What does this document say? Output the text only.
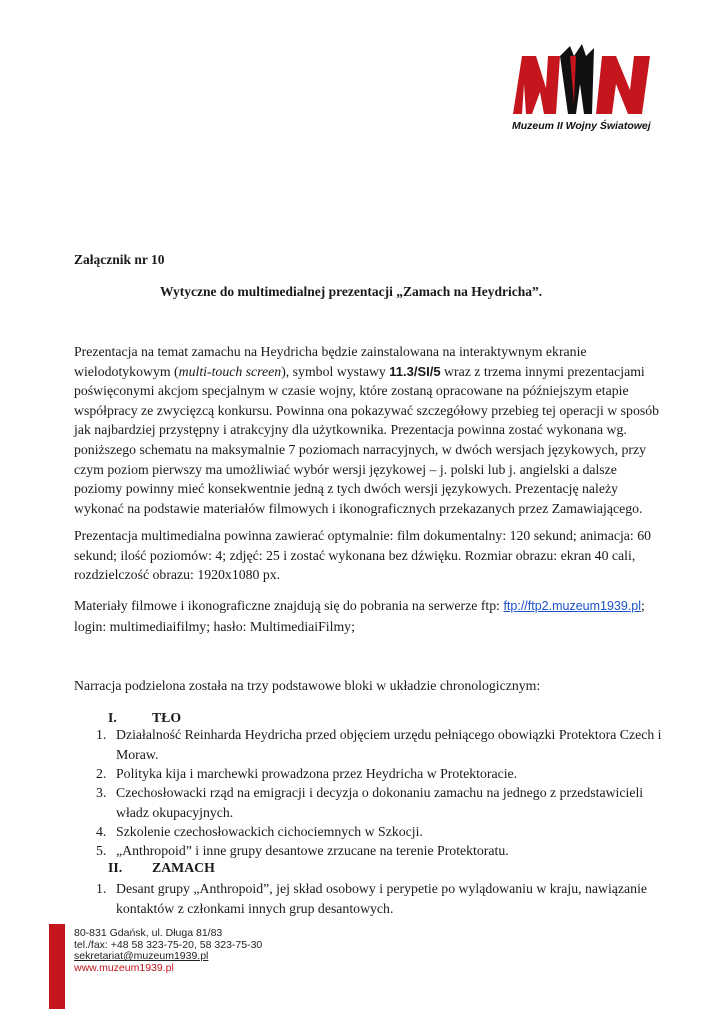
Muzeum II Wojny Światowej
Załącznik nr 10
Wytyczne do multimedialnej prezentacji „Zamach na Heydricha”.

Prezentacja na temat zamachu na Heydricha będzie zainstalowana na interaktywnym ekranie wielodotykowym (multi-touch screen), symbol wystawy 11.3/SI/5 wraz z trzema innymi prezentacjami poświęconymi akcjom specjalnym w czasie wojny, które zostaną opracowane na późniejszym etapie współpracy ze zwycięzcą konkursu. Powinna ona pokazywać szczegółowy przebieg tej operacji w sposób jak najbardziej przystępny i atrakcyjny dla użytkownika. Prezentacja powinna zostać wykonana wg. poniższego schematu na maksymalnie 7 poziomach narracyjnych, w dwóch wersjach językowych, przy czym poziom pierwszy ma umożliwiać wybór wersji językowej – j. polski lub j. angielski a dalsze poziomy powinny mieć konsekwentnie jedną z tych dwóch wersji językowych. Prezentację należy wykonać na podstawie materiałów filmowych i ikonograficznych przekazanych przez Zamawiającego.

Prezentacja multimedialna powinna zawierać optymalnie: film dokumentalny: 120 sekund; animacja: 60 sekund; ilość poziomów: 4; zdjęć: 25 i zostać wykonana bez dźwięku. Rozmiar obrazu: ekran 40 cali, rozdzielczość obrazu: 1920x1080 px.

Materiały filmowe i ikonograficzne znajdują się do pobrania na serwerze ftp: ftp://ftp2.muzeum1939.pl;
login: multimediaifilmy; hasło: MultimediaiFilmy;

Narracja podzielona została na trzy podstawowe bloki w układzie chronologicznym:

I.	TŁO
1. Działalność Reinharda Heydricha przed objęciem urzędu pełniącego obowiązki Protektora Czech i Moraw.
2. Polityka kija i marchewki prowadzona przez Heydricha w Protektoracie.
3. Czechosłowacki rząd na emigracji i decyzja o dokonaniu zamachu na jednego z przedstawicieli władz okupacyjnych.
4. Szkolenie czechosłowackich cichociemnych w Szkocji.
5. „Anthropoid” i inne grupy desantowe zrzucane na terenie Protektoratu.
II. ZAMACH
1. Desant grupy „Anthropoid”, jej skład osobowy i perypetie po wylądowaniu w kraju, nawiązanie kontaktów z członkami innych grup desantowych.
80-831 Gdańsk, ul. Długa 81/83
tel./fax: +48 58 323-75-20, 58 323-75-30
sekretariat@muzeum1939.pl
www.muzeum1939.pl
